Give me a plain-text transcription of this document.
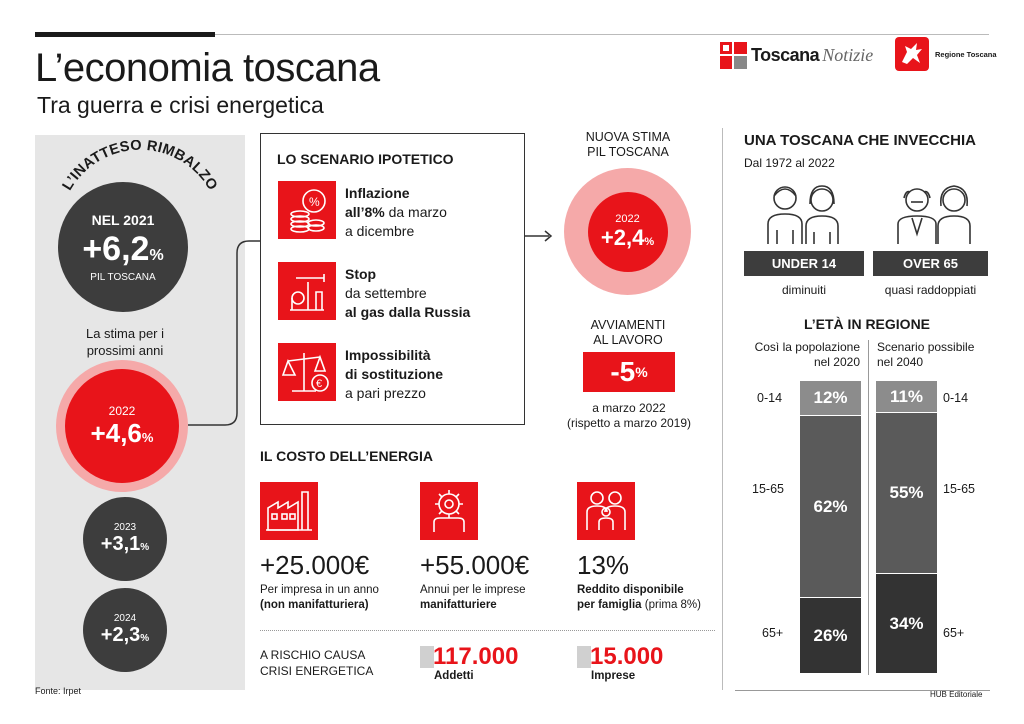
L’economia toscana
Tra guerra e crisi energetica
Toscana Notizie	Regione Toscana
L’INATTESO RIMBALZO
NEL 2021
+6,2%
PIL TOSCANA
La stima per i prossimi anni
2022
+4,6%
2023
+3,1%
2024
+2,3%
LO SCENARIO IPOTETICO
%
Inflazione
all’8% da marzo
a dicembre
Stop
da settembre
al gas dalla Russia
€
Impossibilità
di sostituzione
a pari prezzo
NUOVA STIMA
PIL TOSCANA
2022
+2,4%
AVVIAMENTI
AL LAVORO
-5 %
a marzo 2022
(rispetto a marzo 2019)
IL COSTO DELL’ENERGIA
+25.000€
Per impresa in un anno
(non manifatturiera)
+55.000€
Annui per le imprese
manifatturiere
13%
Reddito disponibile
per famiglia (prima 8%)
A RISCHIO CAUSA
CRISI ENERGETICA
117.000
Addetti
15.000
Imprese
UNA TOSCANA CHE INVECCHIA
Dal 1972 al 2022
UNDER 14
diminuiti
OVER 65
quasi raddoppiati
L’ETÀ IN REGIONE
Così la popolazione
nel 2020
Scenario possibile
nel 2040
12%
62%
26%
11%
55%
34%
0-14
15-65
65+
0-14
15-65
65+
Fonte: Irpet	HUB Editoriale
